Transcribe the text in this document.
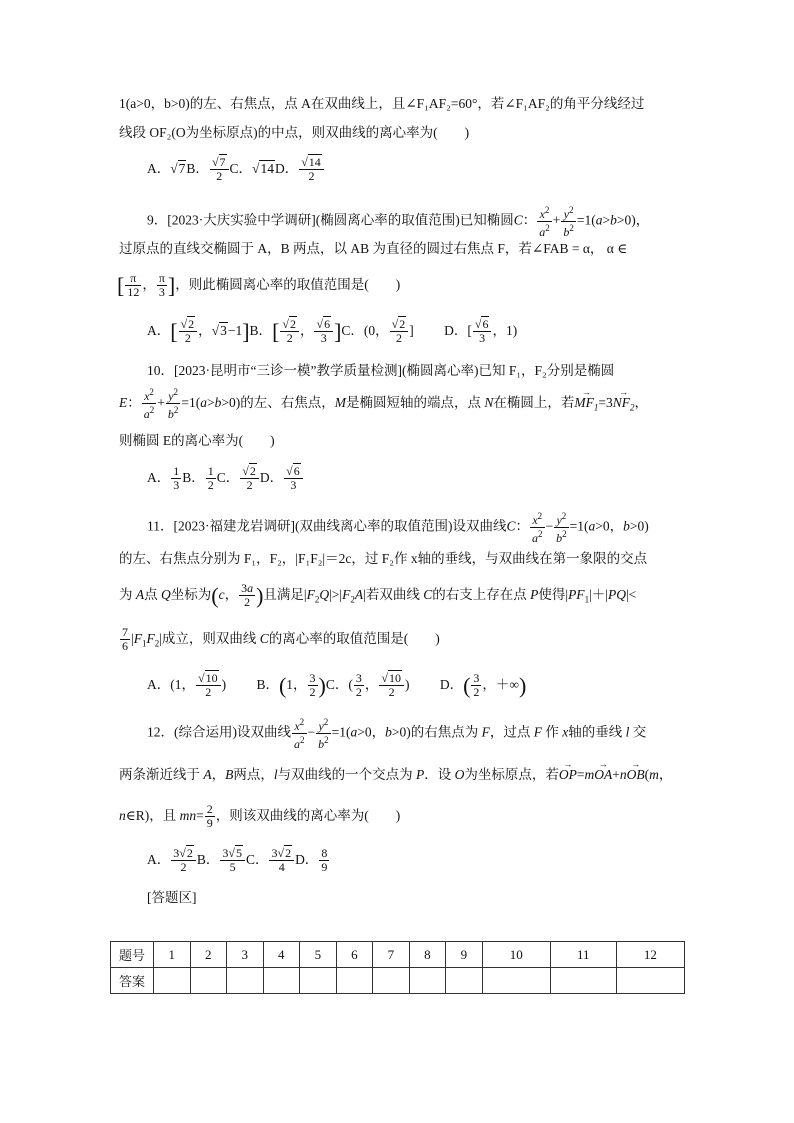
1(a>0，b>0)的左、右焦点，点 A在双曲线上，且∠F₁AF₂=60°，若∠F₁AF₂的角平分线经过
线段 OF₂(O为坐标原点)的中点，则双曲线的离心率为(　　)
A．√7B． $\frac{√7}{2}$ C．√14D． $\frac{√14}{2}$
9．[2023·大庆实验中学调研](椭圆离心率的取值范围)已知椭圆C： $\frac{x^2}{a^2} + \frac{y^2}{b^2} =1(a>b>0)$，
过原点的直线交椭圆于 A，B 两点，以 AB 为直径的圆过右焦点 F，若∠FAB = α， α ∈
[ $\frac{\pi}{12}$ ， $\frac{\pi}{3}$ ]，则此椭圆离心率的取值范围是(　　)
A．[ $\frac{√2}{2}$ ，√3−1]B．[ $\frac{√2}{2}$ ， $\frac{√6}{3} ]C$．(0， $\frac{√2}{2}$ ]　　 D．[ $\frac{√6}{3}$ ，1)
10．[2023·昆明市“三诊一模”教学质量检测](椭圆离心率)已知 F₁，F₂分别是椭圆
E： $\frac{x^2}{a^2} + \frac{y^2}{b^2} =1(a>b>0)$的左、右焦点，M是椭圆短轴的端点，点 N在椭圆上，若→ $MF_1=3\to NF_2$，
则椭圆 E的离心率为(　　)
A． $\frac{1}{3}$ B． $\frac{1}{2}$ C． $\frac{√2}{2}$ D． $\frac{√6}{3}$
11．[2023·福建龙岩调研](双曲线离心率的取值范围)设双曲线C： $\frac{x^2}{a^2} - \frac{y^2}{b^2} =1(a>0$，b>0)
的左、右焦点分别为 F₁，F₂，|F₁F₂|＝2c，过 F₂作 x轴的垂线，与双曲线在第一象限的交点
为 A点 Q坐标为(c， $\frac{3a}{2}$ )且满足$|F_2Q|>|F_2A|$若双曲线 C的右支上存在点 P使得$|PF_1|+|PQ|<$
$\frac{7}{6} |F_1F_2|$成立，则双曲线 C的离心率的取值范围是(　　)
A．(1， $\frac{√10}{2}$ )　　 B．(1， $\frac{3}{2} )C$．( $\frac{3}{2}$ ， $\frac{√10}{2}$ )　　 D．( $\frac{3}{2}$ ，＋∞)
12．(综合运用)设双曲线 $\frac{x^2}{a^2} - \frac{y^2}{b^2} =1(a>0$，b>0)的右焦点为 F，过点 F 作 x轴的垂线 l 交
两条渐近线于 A，B两点，l与双曲线的一个交点为 P．设 O为坐标原点，若→ OP=m→ OA+n→ OB(m，
n∈R)，且 $mn= \frac{2}{9}$ ，则该双曲线的离心率为(　　)
A． $\frac{3√2}{2}$ B． $\frac{3√5}{5}$ C． $\frac{3√2}{4}$ D． $\frac{8}{9}$
[答题区]
题号	1	2	3	4	5	6	7	8	9	10	11	12
答案												
